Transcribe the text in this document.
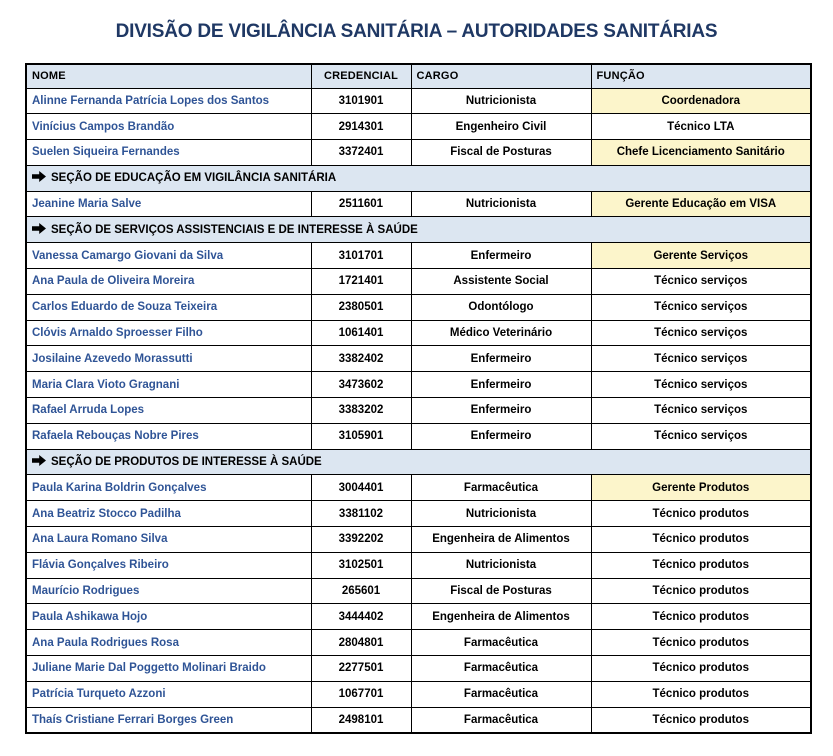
DIVISÃO DE VIGILÂNCIA SANITÁRIA – AUTORIDADES SANITÁRIAS
NOME	CREDENCIAL	CARGO	FUNÇÃO
Alinne Fernanda Patrícia Lopes dos Santos	3101901	Nutricionista	Coordenadora
Vinícius Campos Brandão	2914301	Engenheiro Civil	Técnico LTA
Suelen Siqueira Fernandes	3372401	Fiscal de Posturas	Chefe Licenciamento Sanitário
SEÇÃO DE EDUCAÇÃO EM VIGILÂNCIA SANITÁRIA			
Jeanine Maria Salve	2511601	Nutricionista	Gerente Educação em VISA
SEÇÃO DE SERVIÇOS ASSISTENCIAIS E DE INTERESSE À SAÚDE			
Vanessa Camargo Giovani da Silva	3101701	Enfermeiro	Gerente Serviços
Ana Paula de Oliveira Moreira	1721401	Assistente Social	Técnico serviços
Carlos Eduardo de Souza Teixeira	2380501	Odontólogo	Técnico serviços
Clóvis Arnaldo Sproesser Filho	1061401	Médico Veterinário	Técnico serviços
Josilaine Azevedo Morassutti	3382402	Enfermeiro	Técnico serviços
Maria Clara Vioto Gragnani	3473602	Enfermeiro	Técnico serviços
Rafael Arruda Lopes	3383202	Enfermeiro	Técnico serviços
Rafaela Rebouças Nobre Pires	3105901	Enfermeiro	Técnico serviços
SEÇÃO DE PRODUTOS DE INTERESSE À SAÚDE			
Paula Karina Boldrin Gonçalves	3004401	Farmacêutica	Gerente Produtos
Ana Beatriz Stocco Padilha	3381102	Nutricionista	Técnico produtos
Ana Laura Romano Silva	3392202	Engenheira de Alimentos	Técnico produtos
Flávia Gonçalves Ribeiro	3102501	Nutricionista	Técnico produtos
Maurício Rodrigues	265601	Fiscal de Posturas	Técnico produtos
Paula Ashikawa Hojo	3444402	Engenheira de Alimentos	Técnico produtos
Ana Paula Rodrigues Rosa	2804801	Farmacêutica	Técnico produtos
Juliane Marie Dal Poggetto Molinari Braido	2277501	Farmacêutica	Técnico produtos
Patrícia Turqueto Azzoni	1067701	Farmacêutica	Técnico produtos
Thaís Cristiane Ferrari Borges Green	2498101	Farmacêutica	Técnico produtos
